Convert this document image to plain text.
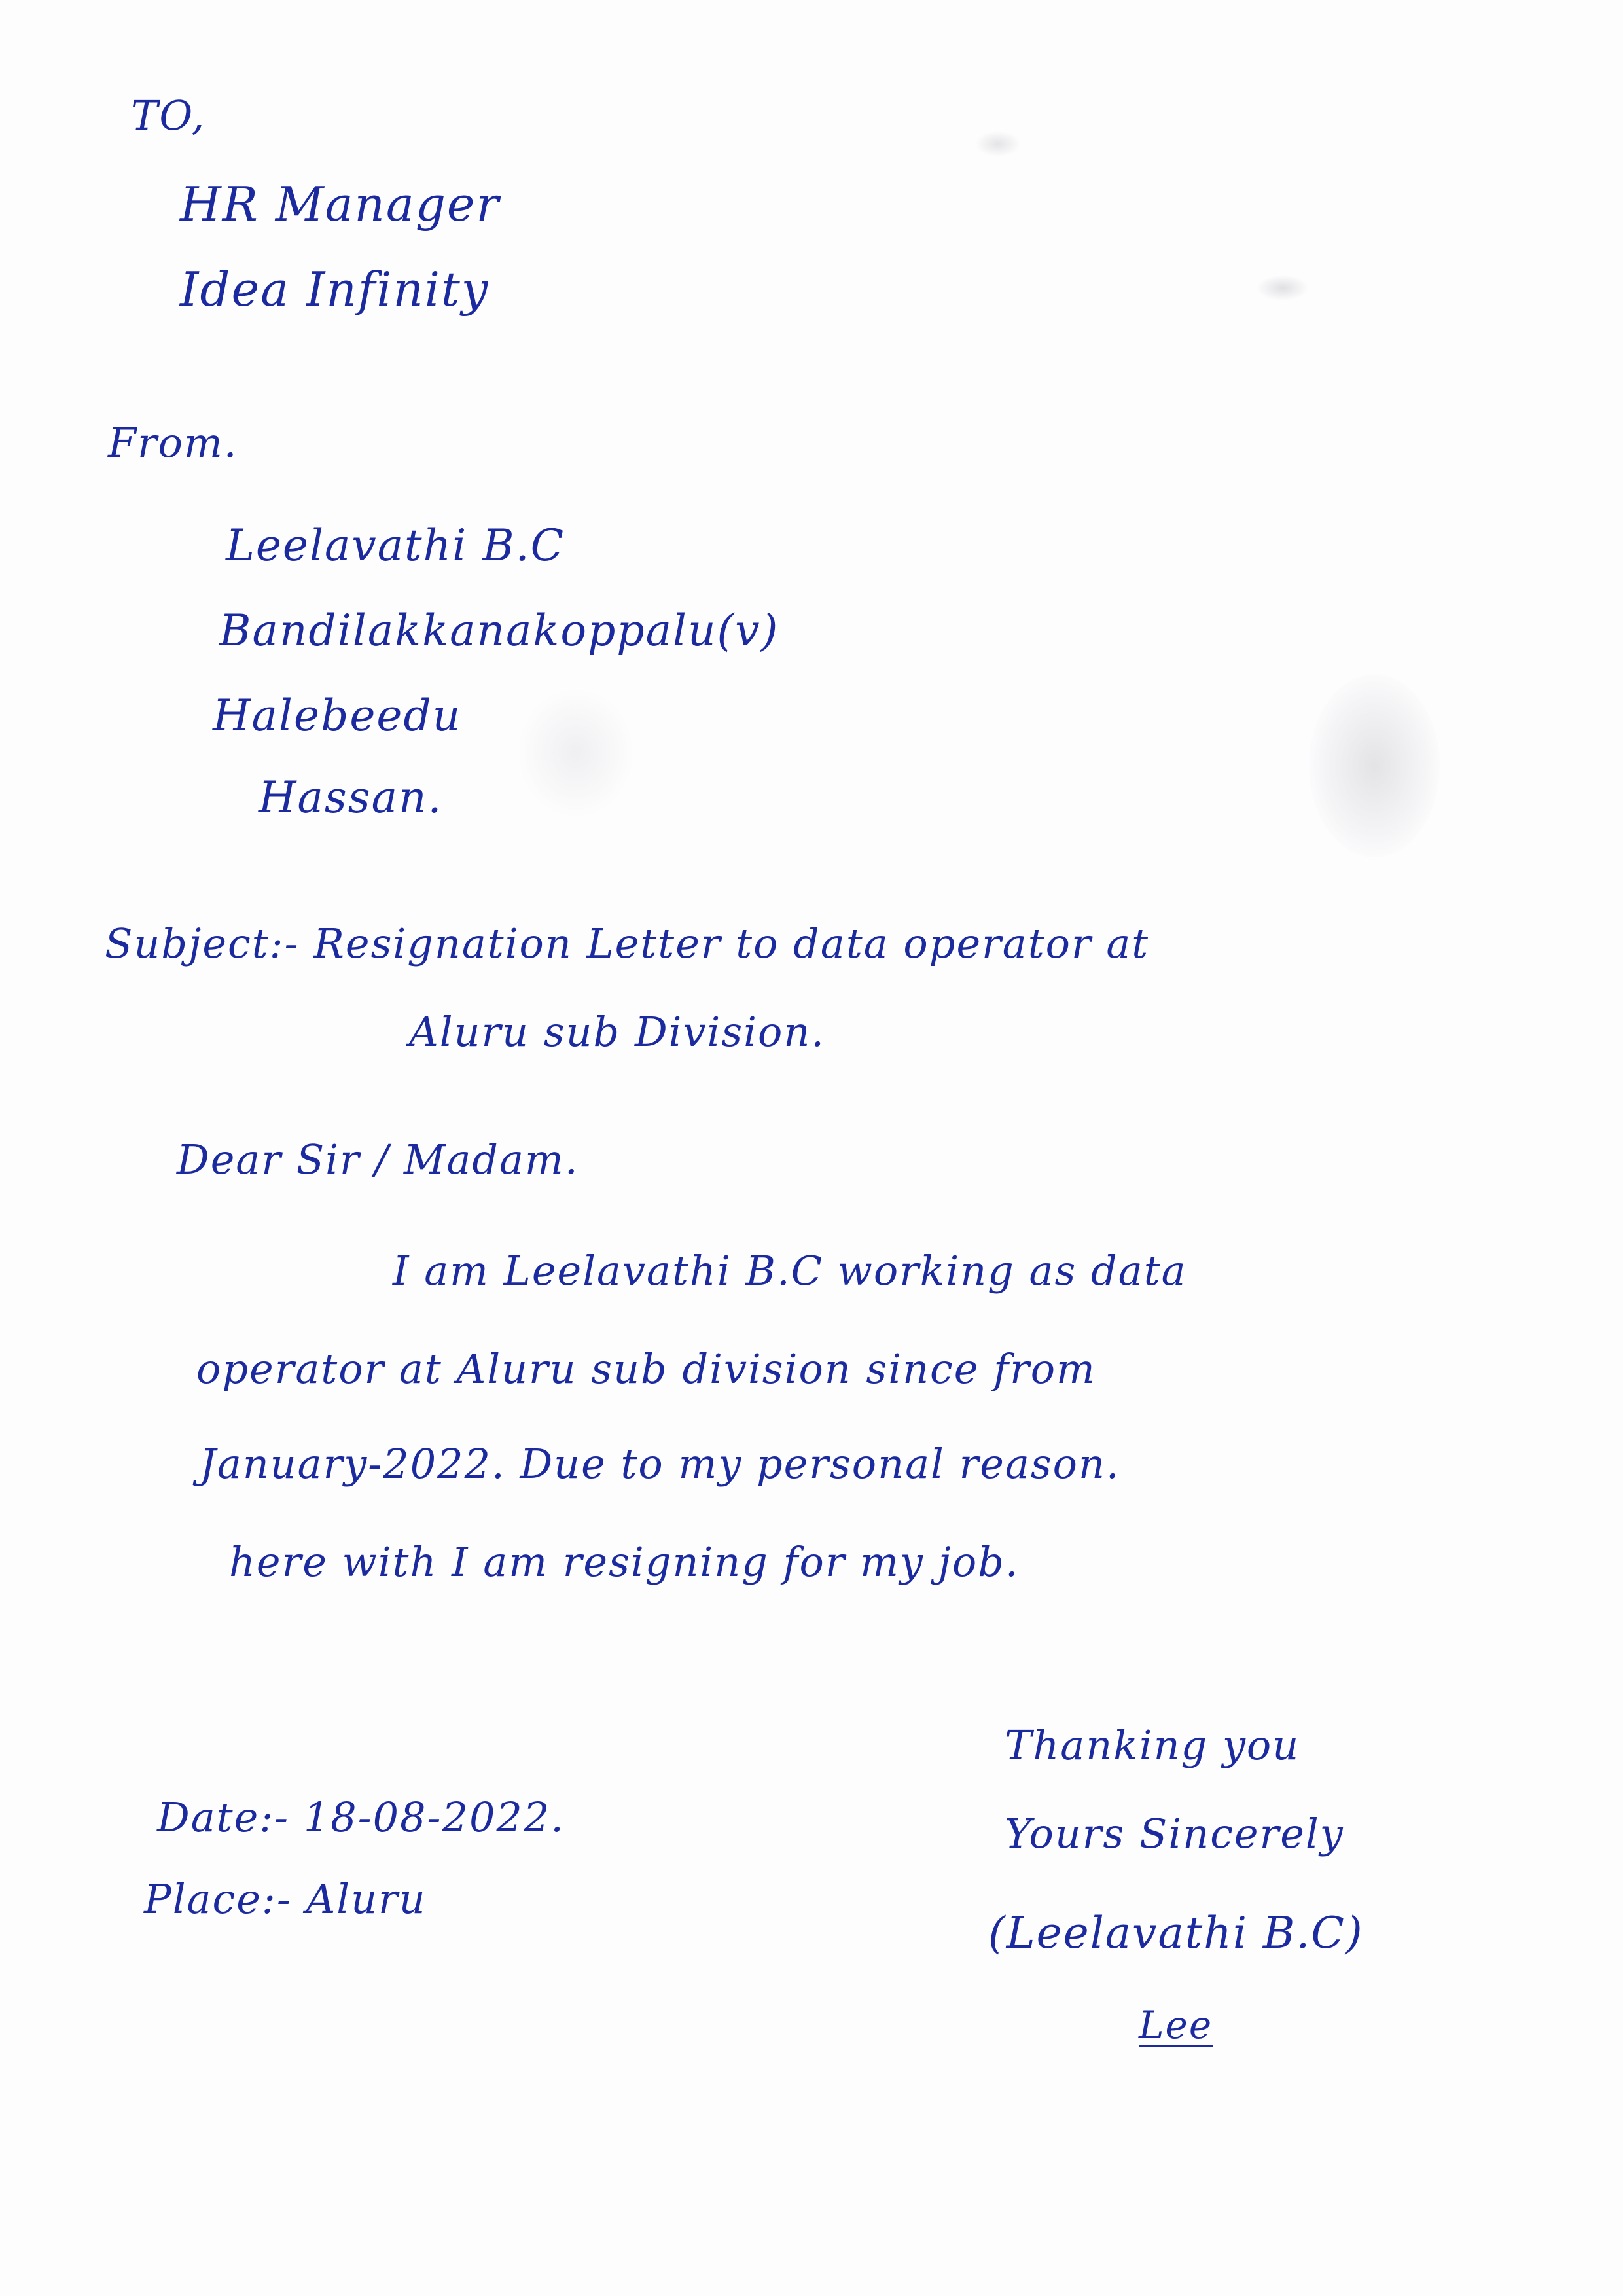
TO,
HR Manager
Idea Infinity
From.
Leelavathi B.C
Bandilakkanakoppalu(v)
Halebeedu
Hassan.
Subject:- Resignation Letter to data operator at
Aluru sub Division.
Dear Sir / Madam.
I am Leelavathi B.C working as data
operator at Aluru sub division since from
January-2022. Due to my personal reason.
here with I am resigning for my job.
Date:- 18-08-2022.
Place:- Aluru
Thanking you
Yours Sincerely
(Leelavathi B.C)
Lee
